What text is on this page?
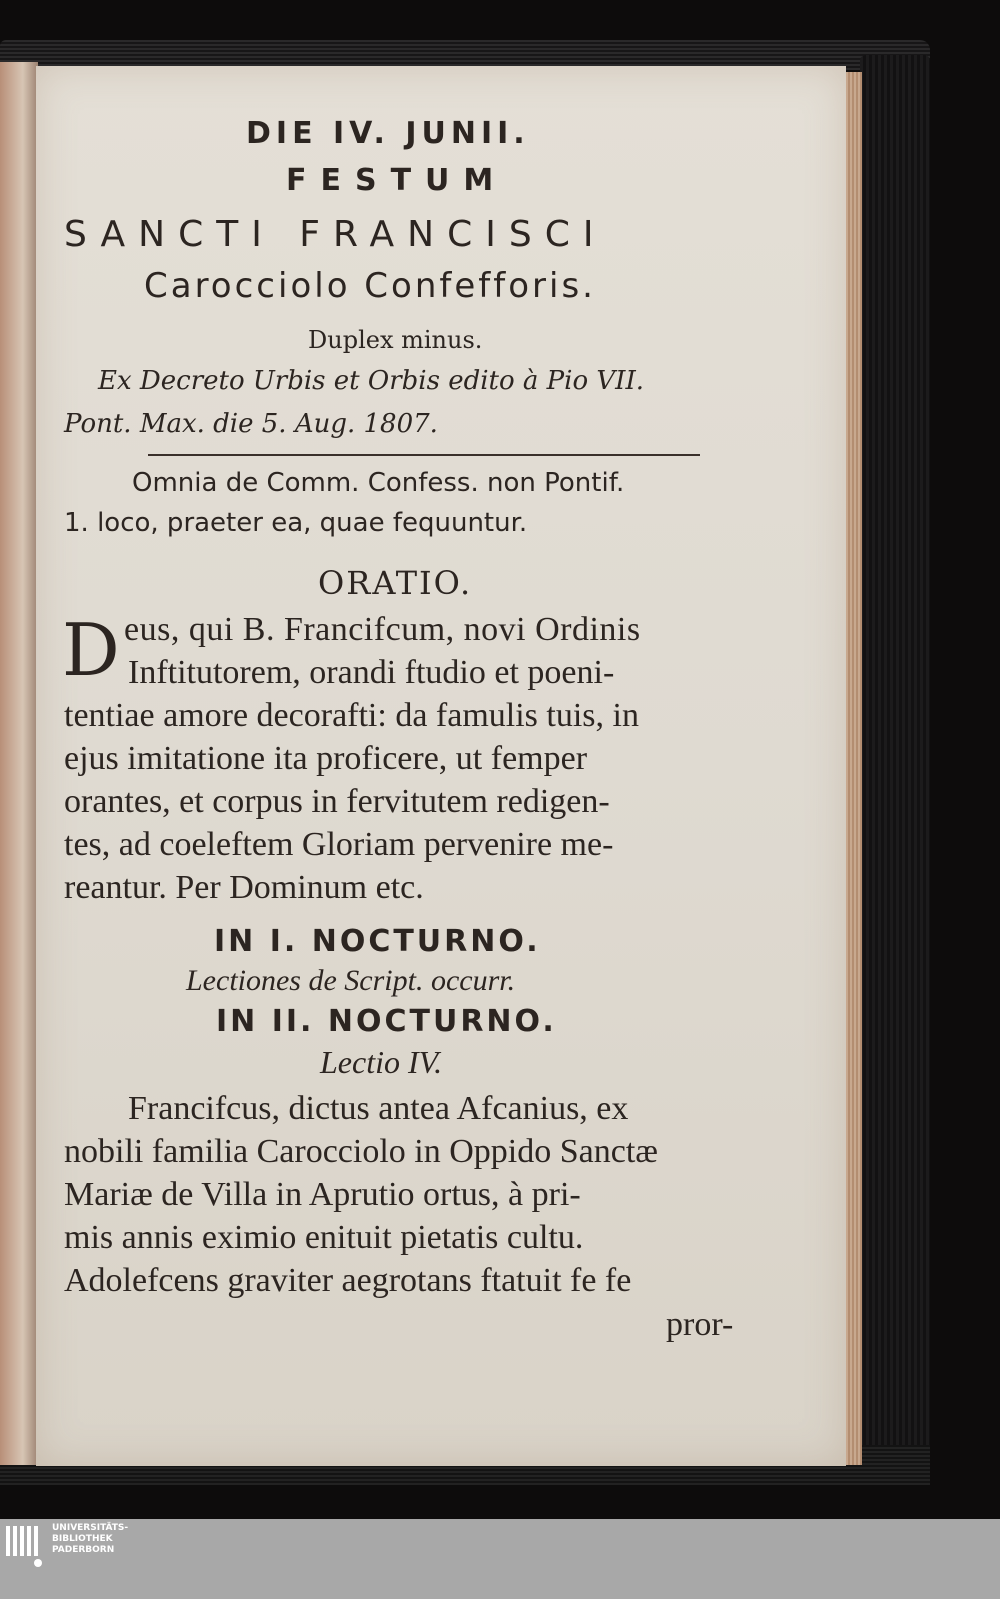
DIE IV. JUNII.
FESTUM
SANCTI FRANCISCI
Carocciolo Confefforis.
Duplex minus.
Ex Decreto Urbis et Orbis edito à Pio VII.
Pont. Max. die 5. Aug. 1807.
Omnia de Comm. Confess. non Pontif.
1. loco, praeter ea, quae fequuntur.
ORATIO.
D eus, qui B. Francifcum, novi Ordinis
Inftitutorem, orandi ftudio et poeni-
tentiae amore decorafti: da famulis tuis, in
ejus imitatione ita proficere, ut femper
orantes, et corpus in fervitutem redigen-
tes, ad coeleftem Gloriam pervenire me-
reantur. Per Dominum etc.
IN I. NOCTURNO.
Lectiones de Script. occurr.
IN II. NOCTURNO.
Lectio IV.
Francifcus, dictus antea Afcanius, ex
nobili familia Carocciolo in Oppido Sanctæ
Mariæ de Villa in Aprutio ortus, à pri-
mis annis eximio enituit pietatis cultu.
Adolefcens graviter aegrotans ftatuit fe fe
pror-
UNIVERSITÄTS-
BIBLIOTHEK
PADERBORN
